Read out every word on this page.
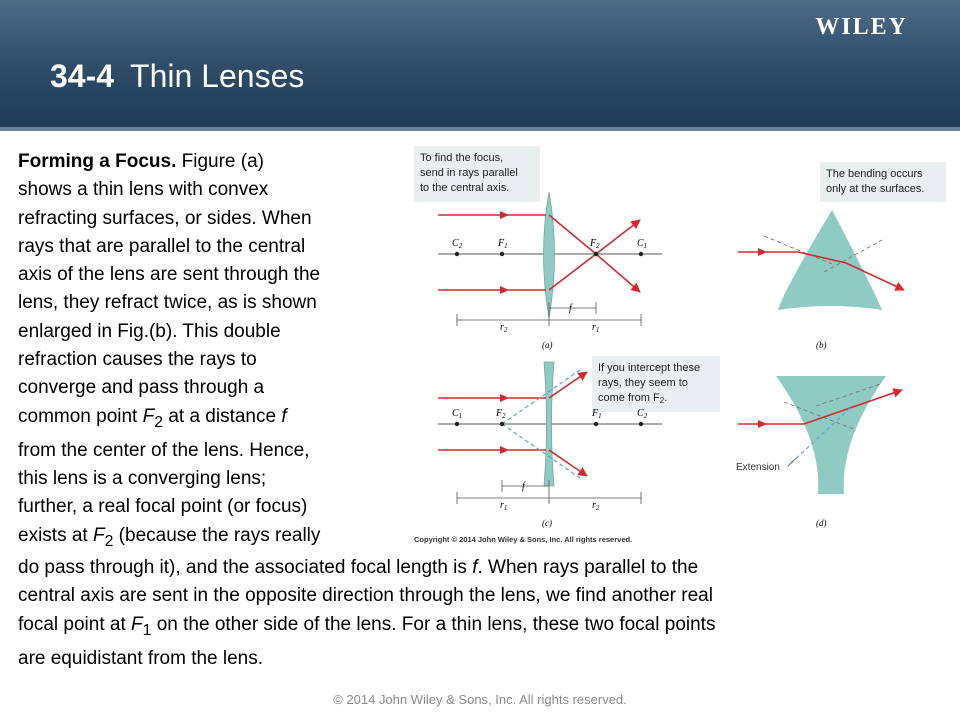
WILEY
34-4 Thin Lenses
Forming a Focus. Figure (a)
shows a thin lens with convex
refracting surfaces, or sides. When
rays that are parallel to the central
axis of the lens are sent through the
lens, they refract twice, as is shown
enlarged in Fig.(b). This double
refraction causes the rays to
converge and pass through a
common point $F_2$ at a distance f
from the center of the lens. Hence,
this lens is a converging lens;
further, a real focal point (or focus)
exists at $F_2$ (because the rays really
do pass through it), and the associated focal length is f. When rays parallel to the
central axis are sent in the opposite direction through the lens, we find another real
focal point at $F_1$ on the other side of the lens. For a thin lens, these two focal points
are equidistant from the lens.
To find the focus,
send in rays parallel
to the central axis.
$C_2$	$F_1$	$F_2$	$C_1$
f
$r_2$	$r_1$
(a)
The bending occurs
only at the surfaces.
(b)
If you intercept these
rays, they seem to
come from F2.
$C_1$	$F_2$	$F_1$	$C_2$
f
$r_1$	$r_2$
(c)
Extension
(d)
Copyright © 2014 John Wiley & Sons, Inc. All rights reserved.
© 2014 John Wiley & Sons, Inc. All rights reserved.
